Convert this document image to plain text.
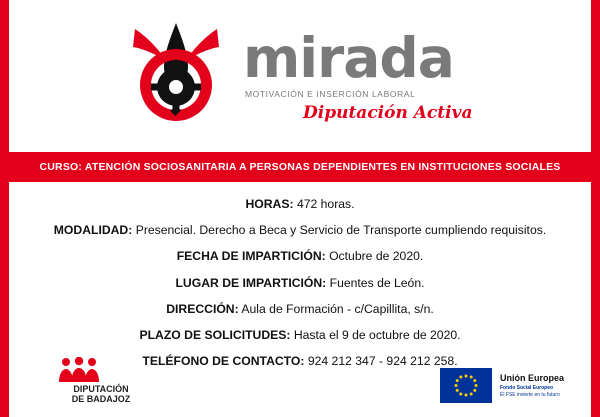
mirada
MOTIVACIÓN E INSERCIÓN LABORAL
Diputación Activa
CURSO: ATENCIÓN SOCIOSANITARIA A PERSONAS DEPENDIENTES EN INSTITUCIONES SOCIALES
HORAS: 472 horas.
MODALIDAD: Presencial. Derecho a Beca y Servicio de Transporte cumpliendo requisitos.
FECHA DE IMPARTICIÓN: Octubre de 2020.
LUGAR DE IMPARTICIÓN: Fuentes de León.
DIRECCIÓN: Aula de Formación - c/Capillita, s/n.
PLAZO DE SOLICITUDES: Hasta el 9 de octubre de 2020.
TELÉFONO DE CONTACTO: 924 212 347 - 924 212 258.
DIPUTACIÓN
DE BADAJOZ
Unión Europea
Fondo Social Europeo
El FSE invierte en tu futuro
